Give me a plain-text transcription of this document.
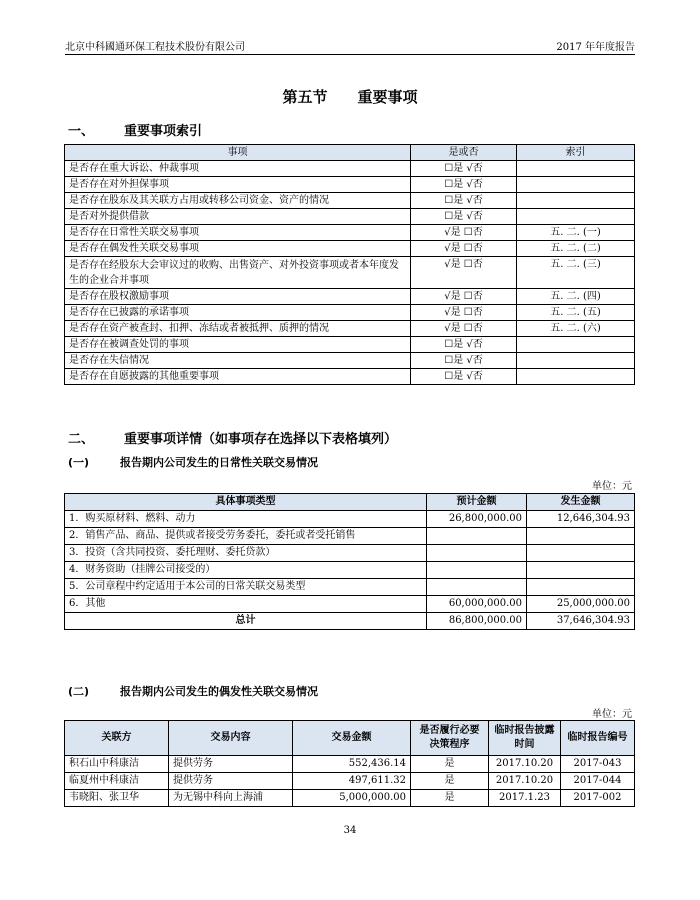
北京中科國通环保工程技术股份有限公司	2017 年年度报告
第五节　　重要事项
一、 重要事项索引
事项	是或否	索引
是否存在重大诉讼、仲裁事项	☐是 √否	
是否存在对外担保事项	☐是 √否	
是否存在股东及其关联方占用或转移公司资金、资产的情况	☐是 √否	
是否对外提供借款	☐是 √否	
是否存在日常性关联交易事项	√是 ☐否	五. 二. (一)
是否存在偶发性关联交易事项	√是 ☐否	五. 二. (二)
是否存在经股东大会审议过的收购、出售资产、对外投资事项或者本年度发生的企业合并事项	√是 ☐否	五. 二. (三)
是否存在股权激励事项	√是 ☐否	五. 二. (四)
是否存在已披露的承诺事项	√是 ☐否	五. 二. (五)
是否存在资产被查封、扣押、冻结或者被抵押、质押的情况	√是 ☐否	五. 二. (六)
是否存在被调查处罚的事项	☐是 √否	
是否存在失信情况	☐是 √否	
是否存在自愿披露的其他重要事项	☐是 √否	
二、 重要事项详情（如事项存在选择以下表格填列）
(一)	报告期内公司发生的日常性关联交易情况
单位：元
具体事项类型	预计金额	发生金额
1．购买原材料、燃料、动力	26,800,000.00	12,646,304.93
2．销售产品、商品、提供或者接受劳务委托，委托或者受托销售		
3．投资（含共同投资、委托理财、委托贷款）		
4．财务资助（挂牌公司接受的）		
5．公司章程中约定适用于本公司的日常关联交易类型		
6．其他	60,000,000.00	25,000,000.00
总计	86,800,000.00	37,646,304.93
(二)	报告期内公司发生的偶发性关联交易情况
单位：元
关联方	交易内容	交易金额	是否履行必要决策程序	临时报告披露时间	临时报告编号
积石山中科康洁	提供劳务	552,436.14	是	2017.10.20	2017-043
临夏州中科康洁	提供劳务	497,611.32	是	2017.10.20	2017-044
韦晓阳、张卫华	为无锡中科向上海浦	5,000,000.00	是	2017.1.23	2017-002
34
